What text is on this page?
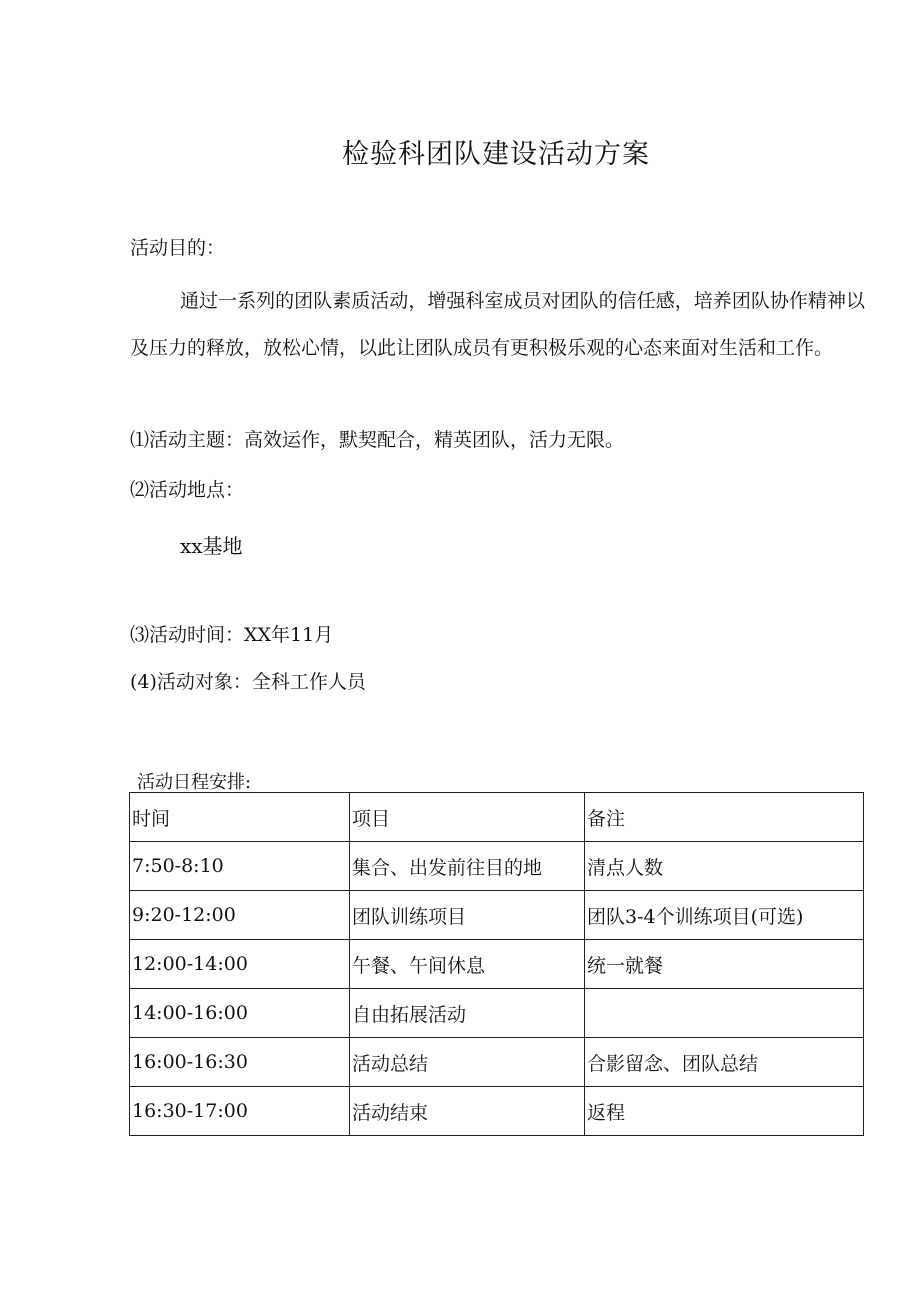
检验科团队建设活动方案
活动目的：
通过一系列的团队素质活动，增强科室成员对团队的信任感，培养团队协作精神以及压力的释放，放松心情，以此让团队成员有更积极乐观的心态来面对生活和工作。
⑴活动主题：高效运作，默契配合，精英团队，活力无限。
⑵活动地点：
xx基地
⑶活动时间：XX年11月
(4)活动对象：全科工作人员
活动日程安排:
时间	项目	备注
7:50-8:10	集合、出发前往目的地	清点人数
9:20-12:00	团队训练项目	团队3-4个训练项目(可选)
12:00-14:00	午餐、午间休息	统一就餐
14:00-16:00	自由拓展活动	
16:00-16:30	活动总结	合影留念、团队总结
16:30-17:00	活动结束	返程
